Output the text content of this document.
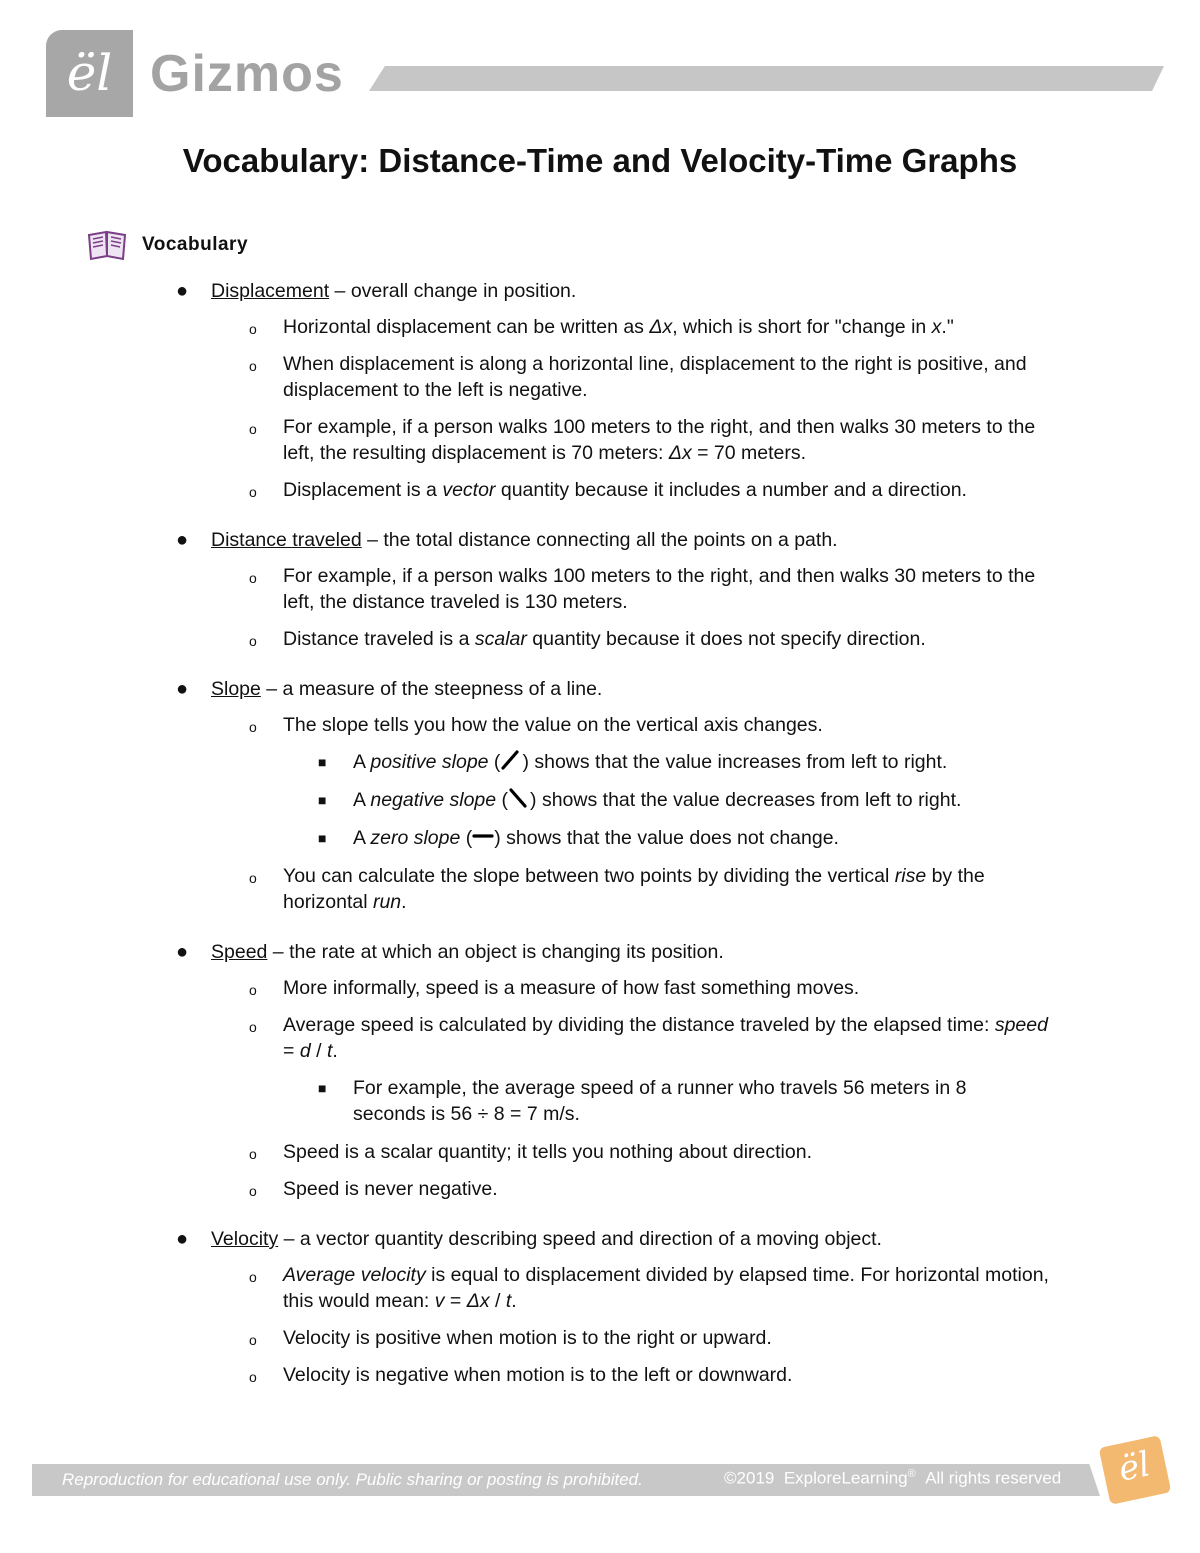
ël Gizmos
Vocabulary: Distance-Time and Velocity-Time Graphs
Vocabulary
● Displacement – overall change in position.
o Horizontal displacement can be written as Δx, which is short for "change in x."
o When displacement is along a horizontal line, displacement to the right is positive, and displacement to the left is negative.
o For example, if a person walks 100 meters to the right, and then walks 30 meters to the left, the resulting displacement is 70 meters: Δx = 70 meters.
o Displacement is a vector quantity because it includes a number and a direction.
● Distance traveled – the total distance connecting all the points on a path.
o For example, if a person walks 100 meters to the right, and then walks 30 meters to the left, the distance traveled is 130 meters.
o Distance traveled is a scalar quantity because it does not specify direction.
● Slope – a measure of the steepness of a line.
o The slope tells you how the value on the vertical axis changes.
■ A positive slope ( ) shows that the value increases from left to right.
■ A negative slope ( ) shows that the value decreases from left to right.
■ A zero slope ( ) shows that the value does not change.
o You can calculate the slope between two points by dividing the vertical rise by the horizontal run.
● Speed – the rate at which an object is changing its position.
o More informally, speed is a measure of how fast something moves.
o Average speed is calculated by dividing the distance traveled by the elapsed time: speed = d / t.
■ For example, the average speed of a runner who travels 56 meters in 8 seconds is 56 ÷ 8 = 7 m/s.
o Speed is a scalar quantity; it tells you nothing about direction.
o Speed is never negative.
● Velocity – a vector quantity describing speed and direction of a moving object.
o Average velocity is equal to displacement divided by elapsed time. For horizontal motion, this would mean: v = Δx / t.
o Velocity is positive when motion is to the right or upward.
o Velocity is negative when motion is to the left or downward.
Reproduction for educational use only. Public sharing or posting is prohibited.	©2019 ExploreLearning® All rights reserved	ël
